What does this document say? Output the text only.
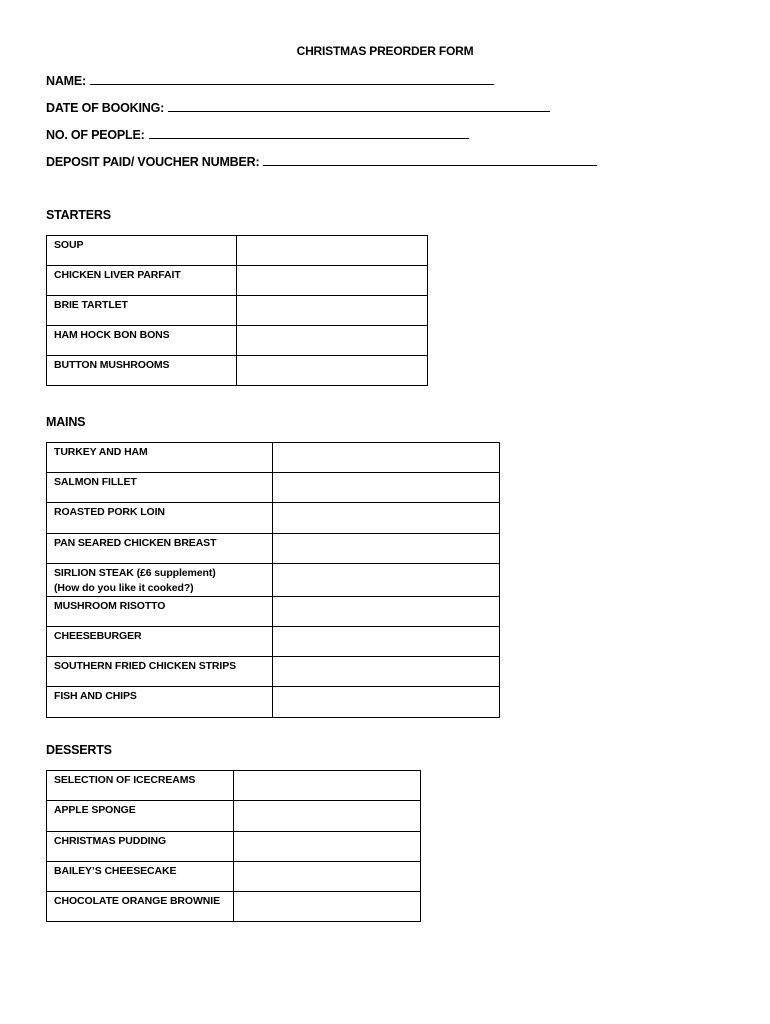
CHRISTMAS PREORDER FORM
NAME:
DATE OF BOOKING:
NO. OF PEOPLE:
DEPOSIT PAID/ VOUCHER NUMBER:
STARTERS
SOUP	
CHICKEN LIVER PARFAIT	
BRIE TARTLET	
HAM HOCK BON BONS	
BUTTON MUSHROOMS	
MAINS
TURKEY AND HAM	
SALMON FILLET	
ROASTED PORK LOIN	
PAN SEARED CHICKEN BREAST	

SIRLION STEAK (£6 supplement)
(How do you like it cooked?)	

MUSHROOM RISOTTO	
CHEESEBURGER	
SOUTHERN FRIED CHICKEN STRIPS	
FISH AND CHIPS	
DESSERTS
SELECTION OF ICECREAMS	
APPLE SPONGE	
CHRISTMAS PUDDING	
BAILEY’S CHEESECAKE	
CHOCOLATE ORANGE BROWNIE	
